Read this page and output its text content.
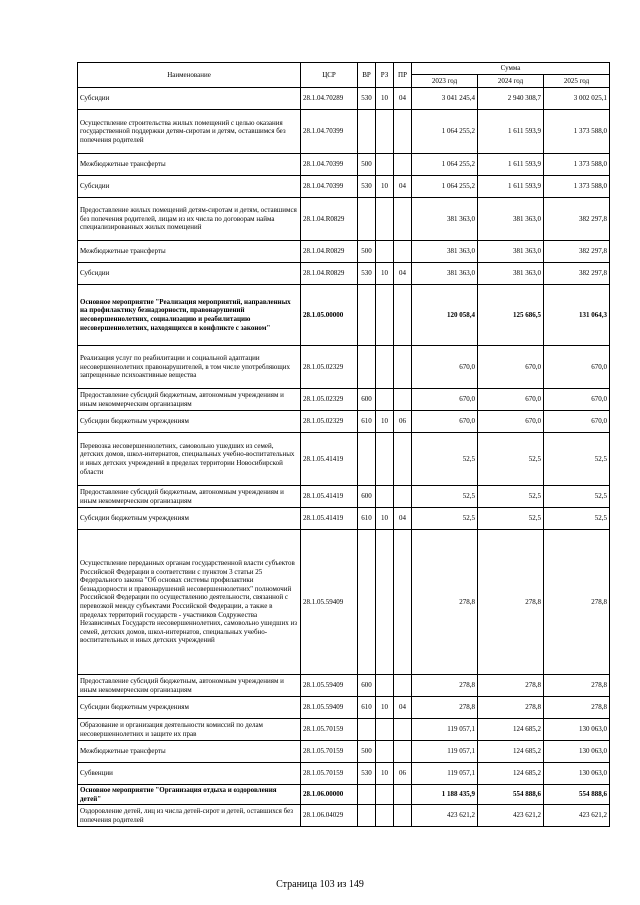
Наименование	ЦСР	ВР	РЗ	ПР	Сумма		
					2023 год	2024 год	2025 год
Субсидии	28.1.04.70289	530	10	04	3 041 245,4	2 940 308,7	3 002 025,1
Осуществление строительства жилых помещений с целью оказания государственной поддержки детям-сиротам и детям, оставшимся без попечения родителей	28.1.04.70399				1 064 255,2	1 611 593,9	1 373 588,0
Межбюджетные трансферты	28.1.04.70399	500			1 064 255,2	1 611 593,9	1 373 588,0
Субсидии	28.1.04.70399	530	10	04	1 064 255,2	1 611 593,9	1 373 588,0
Предоставление жилых помещений детям-сиротам и детям, оставшимся без попечения родителей, лицам из их числа по договорам найма специализированных жилых помещений	28.1.04.R0829				381 363,0	381 363,0	382 297,8
Межбюджетные трансферты	28.1.04.R0829	500			381 363,0	381 363,0	382 297,8
Субсидии	28.1.04.R0829	530	10	04	381 363,0	381 363,0	382 297,8
Основное мероприятие "Реализация мероприятий, направленных на профилактику безнадзорности, правонарушений несовершеннолетних, социализацию и реабилитацию несовершеннолетних, находящихся в конфликте с законом"	28.1.05.00000				120 058,4	125 686,5	131 064,3
Реализация услуг по реабилитации и социальной адаптации несовершеннолетних правонарушителей, в том числе употребляющих запрещенные психоактивные вещества	28.1.05.02329				670,0	670,0	670,0
Предоставление субсидий бюджетным, автономным учреждениям и иным некоммерческим организациям	28.1.05.02329	600			670,0	670,0	670,0
Субсидии бюджетным учреждениям	28.1.05.02329	610	10	06	670,0	670,0	670,0
Перевозка несовершеннолетних, самовольно ушедших из семей, детских домов, школ-интернатов, специальных учебно-воспитательных и иных детских учреждений в пределах территории Новосибирской области	28.1.05.41419				52,5	52,5	52,5
Предоставление субсидий бюджетным, автономным учреждениям и иным некоммерческим организациям	28.1.05.41419	600			52,5	52,5	52,5
Субсидии бюджетным учреждениям	28.1.05.41419	610	10	04	52,5	52,5	52,5
Осуществление переданных органам государственной власти субъектов Российской Федерации в соответствии с пунктом 3 статьи 25 Федерального закона "Об основах системы профилактики безнадзорности и правонарушений несовершеннолетних" полномочий Российской Федерации по осуществлению деятельности, связанной с перевозкой между субъектами Российской Федерации, а также в пределах территорий государств - участников Содружества Независимых Государств несовершеннолетних, самовольно ушедших из семей, детских домов, школ-интернатов, специальных учебно-воспитательных и иных детских учреждений	28.1.05.59409				278,8	278,8	278,8
Предоставление субсидий бюджетным, автономным учреждениям и иным некоммерческим организациям	28.1.05.59409	600			278,8	278,8	278,8
Субсидии бюджетным учреждениям	28.1.05.59409	610	10	04	278,8	278,8	278,8
Образование и организация деятельности комиссий по делам несовершеннолетних и защите их прав	28.1.05.70159				119 057,1	124 685,2	130 063,0
Межбюджетные трансферты	28.1.05.70159	500			119 057,1	124 685,2	130 063,0
Субвенции	28.1.05.70159	530	10	06	119 057,1	124 685,2	130 063,0
Основное мероприятие "Организация отдыха и оздоровления детей"	28.1.06.00000				1 188 435,9	554 888,6	554 888,6
Оздоровление детей, лиц из числа детей-сирот и детей, оставшихся без попечения родителей	28.1.06.04029				423 621,2	423 621,2	423 621,2
Страница 103 из 149
